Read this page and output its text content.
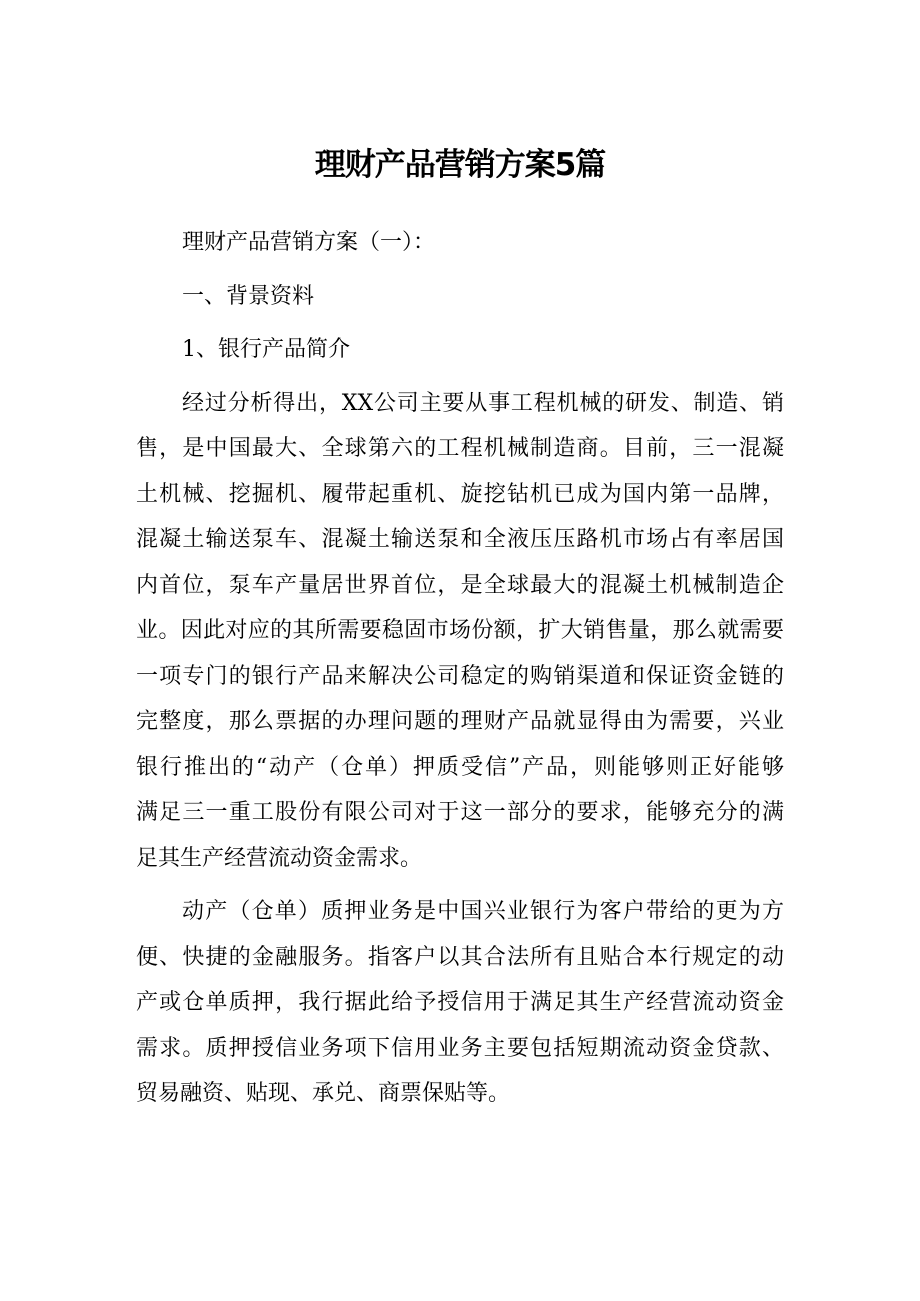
理财产品营销方案5篇
理财产品营销方案（一）：
一、背景资料
1、银行产品简介
经过分析得出，XX公司主要从事工程机械的研发、制造、销
售，是中国最大、全球第六的工程机械制造商。目前，三一混凝
土机械、挖掘机、履带起重机、旋挖钻机已成为国内第一品牌，
混凝土输送泵车、混凝土输送泵和全液压压路机市场占有率居国
内首位，泵车产量居世界首位，是全球最大的混凝土机械制造企
业。因此对应的其所需要稳固市场份额，扩大销售量，那么就需要
一项专门的银行产品来解决公司稳定的购销渠道和保证资金链的
完整度，那么票据的办理问题的理财产品就显得由为需要，兴业
银行推出的“动产（仓单）押质受信”产品，则能够则正好能够
满足三一重工股份有限公司对于这一部分的要求，能够充分的满
足其生产经营流动资金需求。
动产（仓单）质押业务是中国兴业银行为客户带给的更为方
便、快捷的金融服务。指客户以其合法所有且贴合本行规定的动
产或仓单质押，我行据此给予授信用于满足其生产经营流动资金
需求。质押授信业务项下信用业务主要包括短期流动资金贷款、
贸易融资、贴现、承兑、商票保贴等。
